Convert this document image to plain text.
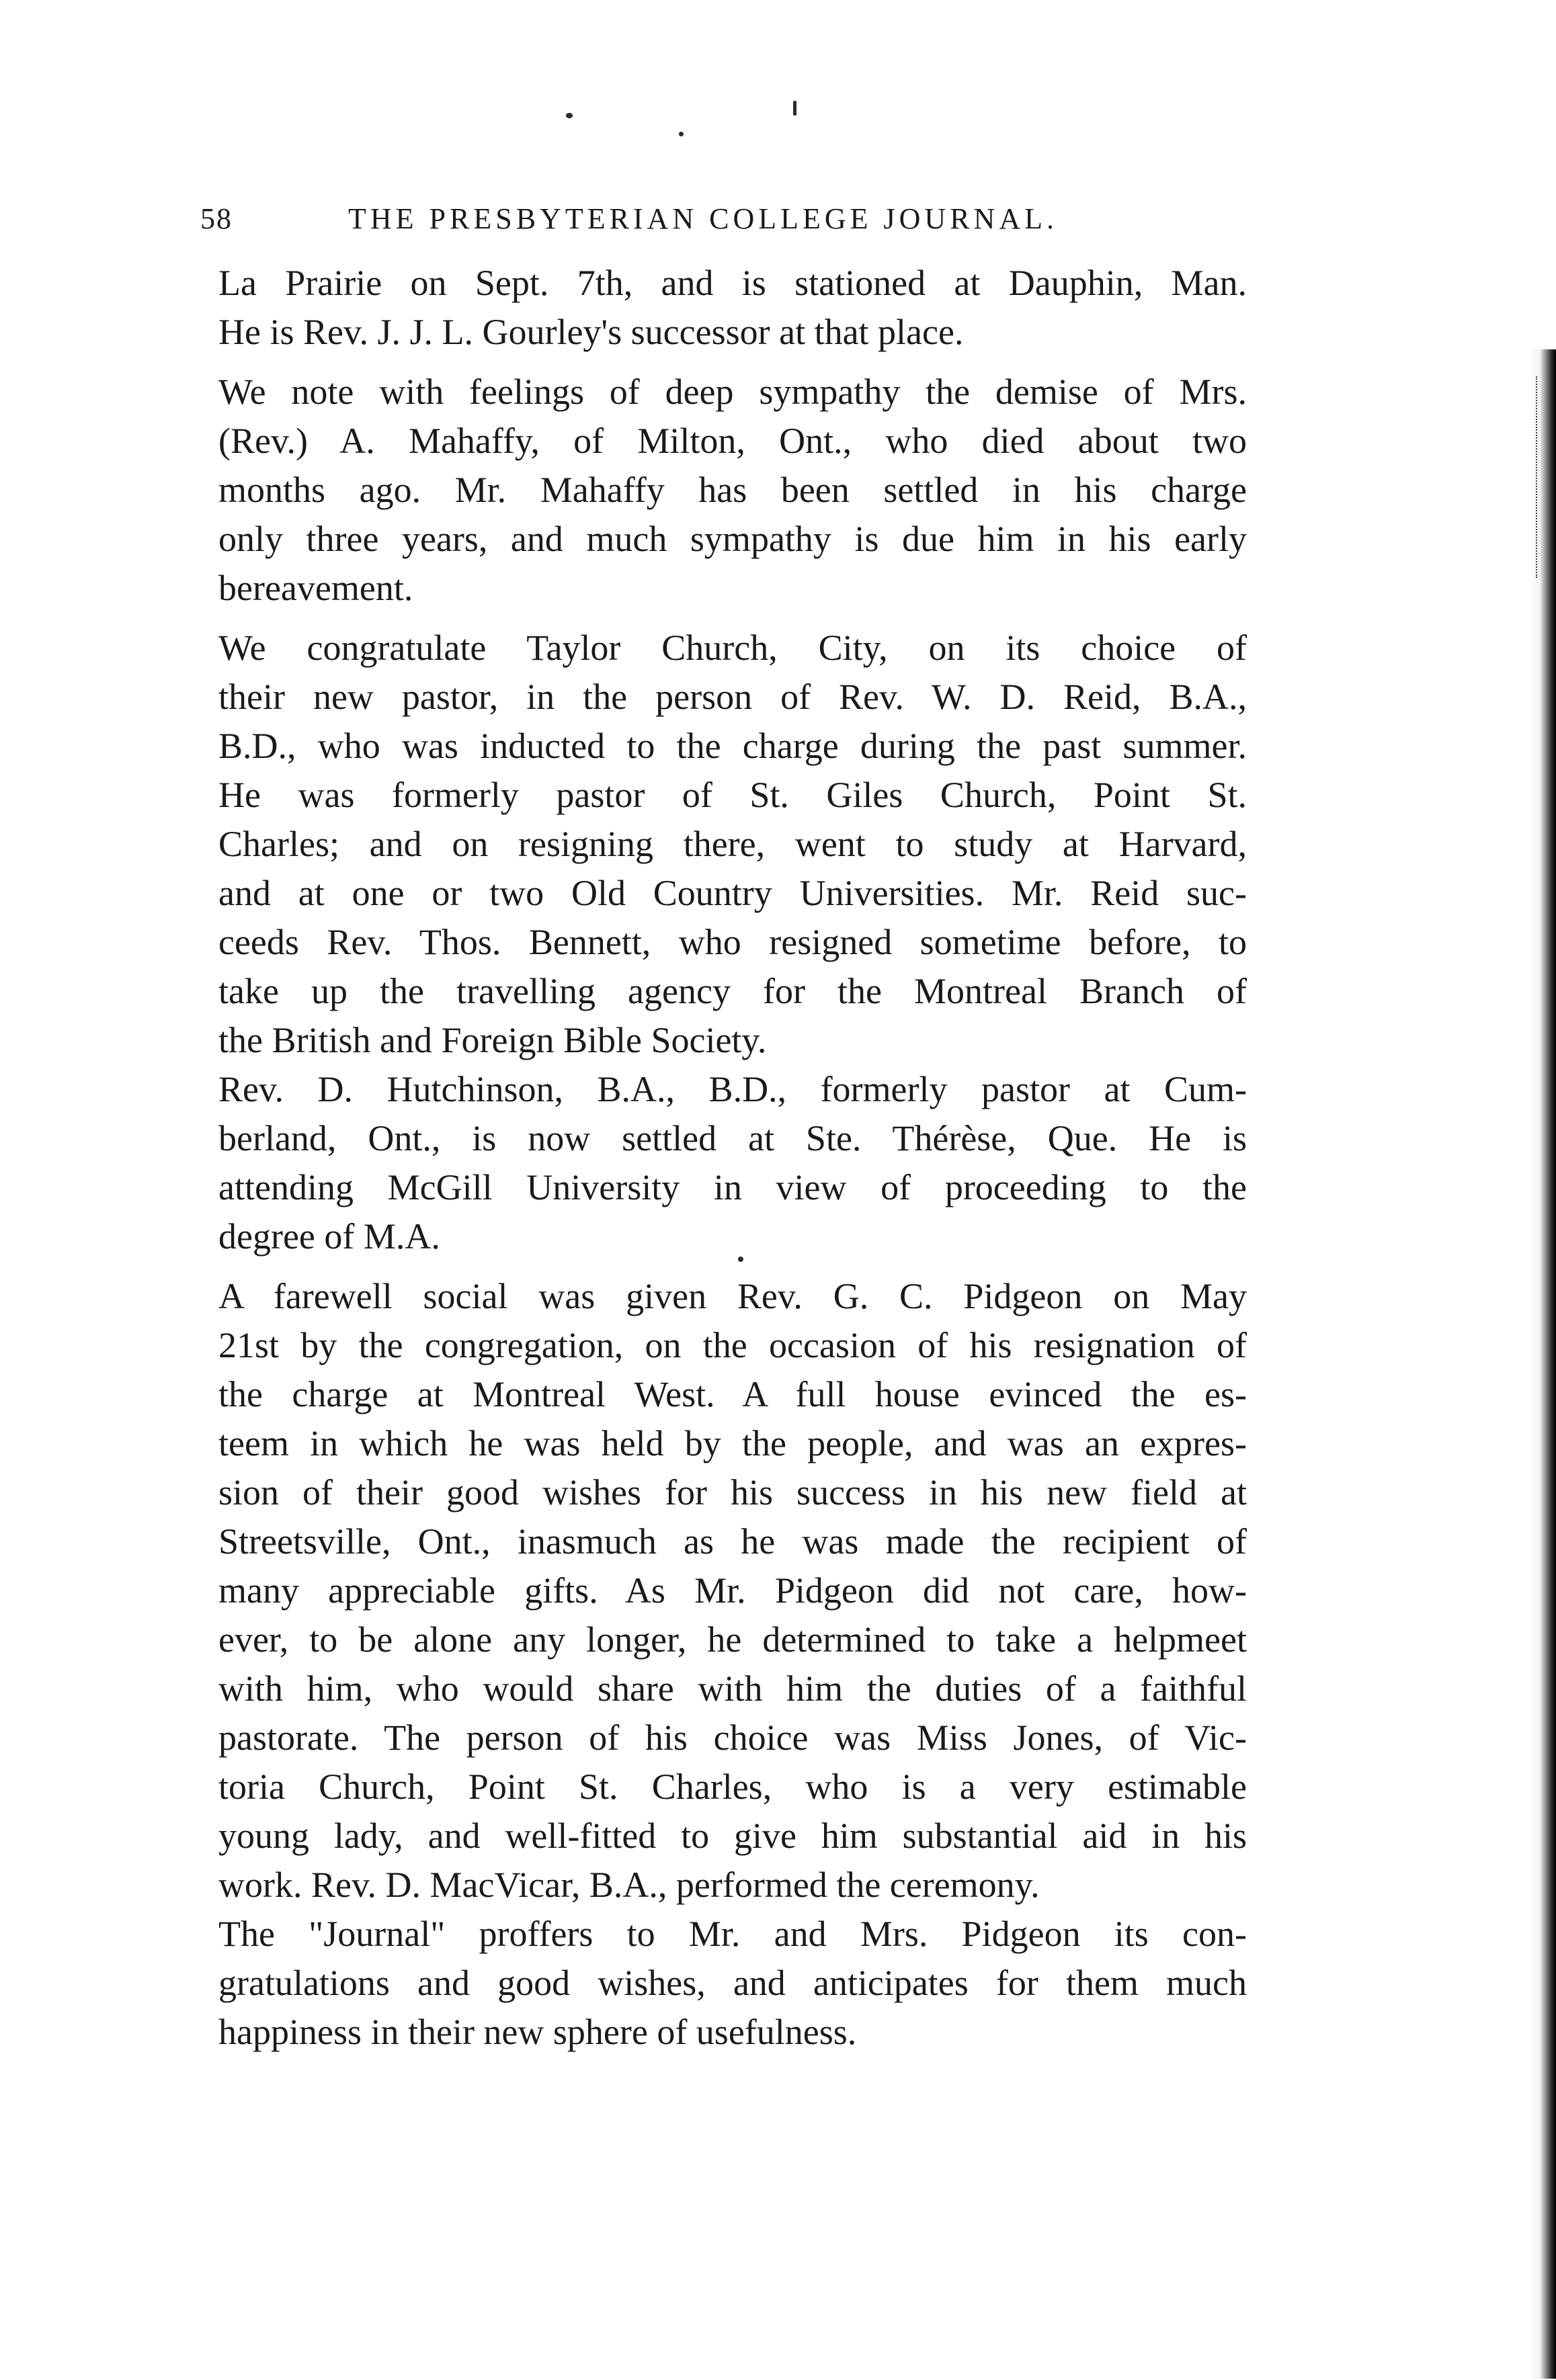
58	THE PRESBYTERIAN COLLEGE JOURNAL.
La Prairie on Sept. 7th, and is stationed at Dauphin, Man.
He is Rev. J. J. L. Gourley's successor at that place.
We note with feelings of deep sympathy the demise of Mrs.
(Rev.) A. Mahaffy, of Milton, Ont., who died about two
months ago. Mr. Mahaffy has been settled in his charge
only three years, and much sympathy is due him in his early
bereavement.
We congratulate Taylor Church, City, on its choice of
their new pastor, in the person of Rev. W. D. Reid, B.A.,
B.D., who was inducted to the charge during the past summer.
He was formerly pastor of St. Giles Church, Point St.
Charles; and on resigning there, went to study at Harvard,
and at one or two Old Country Universities. Mr. Reid suc-
ceeds Rev. Thos. Bennett, who resigned sometime before, to
take up the travelling agency for the Montreal Branch of
the British and Foreign Bible Society.
Rev. D. Hutchinson, B.A., B.D., formerly pastor at Cum-
berland, Ont., is now settled at Ste. Thérèse, Que. He is
attending McGill University in view of proceeding to the
degree of M.A.
A farewell social was given Rev. G. C. Pidgeon on May
21st by the congregation, on the occasion of his resignation of
the charge at Montreal West. A full house evinced the es-
teem in which he was held by the people, and was an expres-
sion of their good wishes for his success in his new field at
Streetsville, Ont., inasmuch as he was made the recipient of
many appreciable gifts. As Mr. Pidgeon did not care, how-
ever, to be alone any longer, he determined to take a helpmeet
with him, who would share with him the duties of a faithful
pastorate. The person of his choice was Miss Jones, of Vic-
toria Church, Point St. Charles, who is a very estimable
young lady, and well-fitted to give him substantial aid in his
work. Rev. D. MacVicar, B.A., performed the ceremony.
The "Journal" proffers to Mr. and Mrs. Pidgeon its con-
gratulations and good wishes, and anticipates for them much
happiness in their new sphere of usefulness.
